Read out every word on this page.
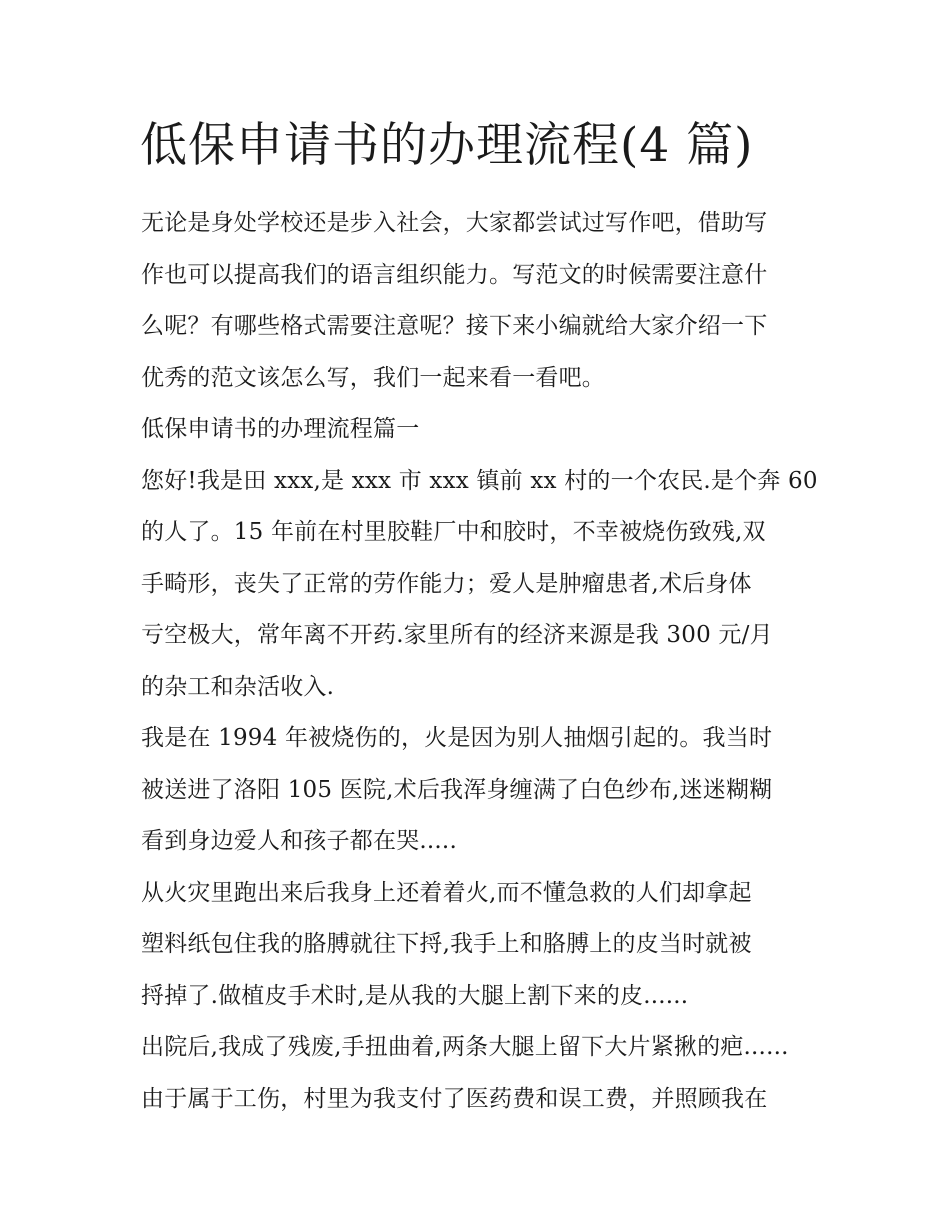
低保申请书的办理流程(4 篇)
无论是身处学校还是步入社会，大家都尝试过写作吧，借助写
作也可以提高我们的语言组织能力。写范文的时候需要注意什
么呢？有哪些格式需要注意呢？接下来小编就给大家介绍一下
优秀的范文该怎么写，我们一起来看一看吧。
低保申请书的办理流程篇一
您好!我是田 xxx,是 xxx 市 xxx 镇前 xx 村的一个农民.是个奔 60
的人了。15 年前在村里胶鞋厂中和胶时，不幸被烧伤致残,双
手畸形，丧失了正常的劳作能力；爱人是肿瘤患者,术后身体
亏空极大，常年离不开药.家里所有的经济来源是我 300 元/月
的杂工和杂活收入.
我是在 1994 年被烧伤的，火是因为别人抽烟引起的。我当时
被送进了洛阳 105 医院,术后我浑身缠满了白色纱布,迷迷糊糊
看到身边爱人和孩子都在哭.....
从火灾里跑出来后我身上还着着火,而不懂急救的人们却拿起
塑料纸包住我的胳膊就往下捋,我手上和胳膊上的皮当时就被
捋掉了.做植皮手术时,是从我的大腿上割下来的皮......
出院后,我成了残废,手扭曲着,两条大腿上留下大片紧揪的疤......
由于属于工伤，村里为我支付了医药费和误工费，并照顾我在
